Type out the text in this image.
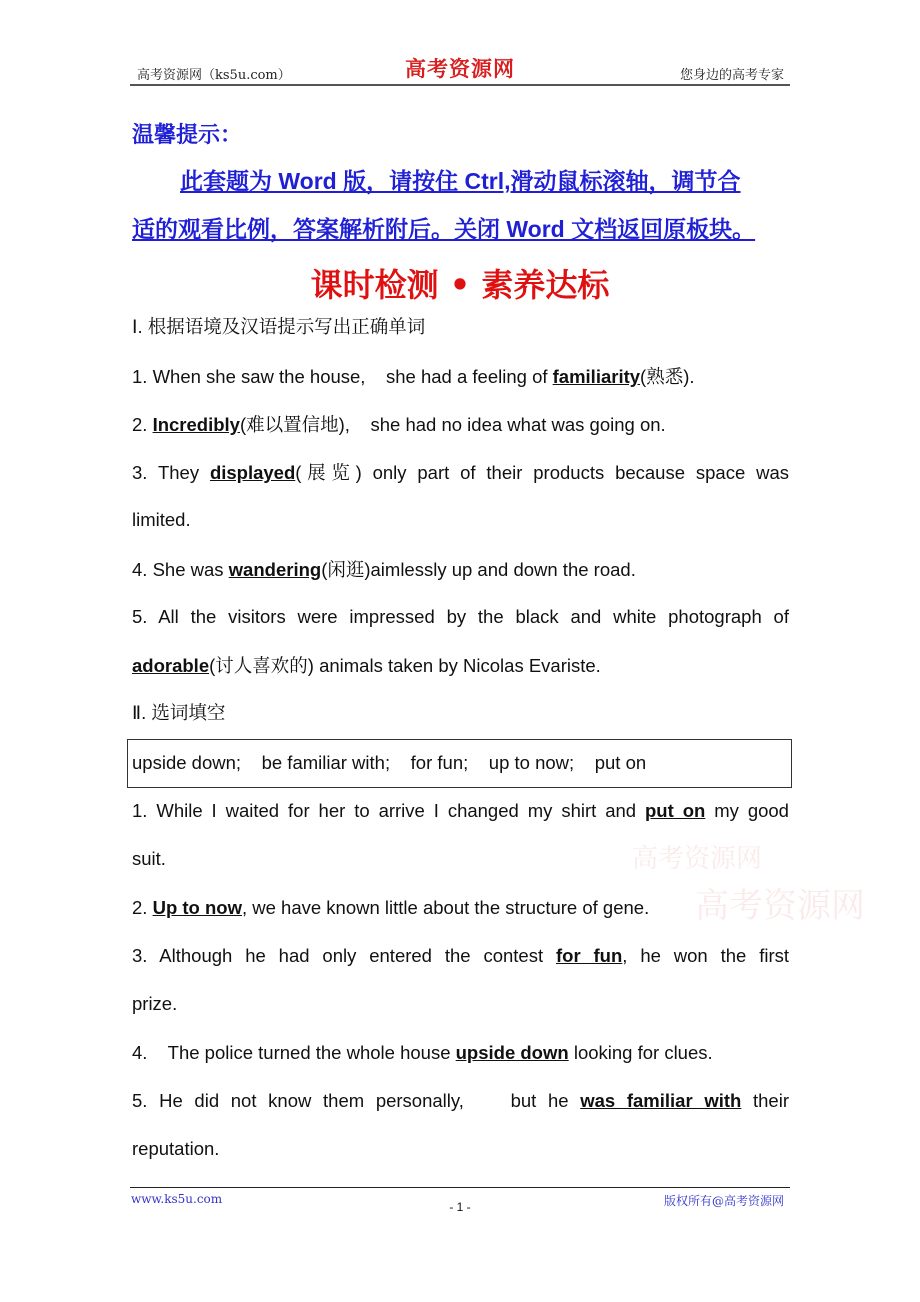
高考资源网（ks5u.com）	高考资源网	您身边的高考专家
温馨提示：
此套题为 Word 版，请按住 Ctrl,滑动鼠标滚轴，调节合
适的观看比例，答案解析附后。关闭 Word 文档返回原板块。
课时检测 • 素养达标
Ⅰ. 根据语境及汉语提示写出正确单词
1. When she saw the house,    she had a feeling of familiarity(熟悉).
2. Incredibly(难以置信地),    she had no idea what was going on.
3. They displayed(展览) only part of their products because space was
limited.
4. She was wandering(闲逛)aimlessly up and down the road.
5. All the visitors were impressed by the black and white photograph of
adorable(讨人喜欢的) animals taken by Nicolas Evariste.
Ⅱ. 选词填空
upside down;    be familiar with;    for fun;    up to now;    put on
1. While I waited for her to arrive I changed my shirt and put on my good
suit.
2. Up to now, we have known little about the structure of gene.
3. Although he had only entered the contest for fun, he won the first
prize.
4.    The police turned the whole house upside down looking for clues.
5. He did not know them personally,    but he was familiar with their
reputation.
高考资源网
高考资源网
www.ks5u.com
- 1 -	版权所有@高考资源网
